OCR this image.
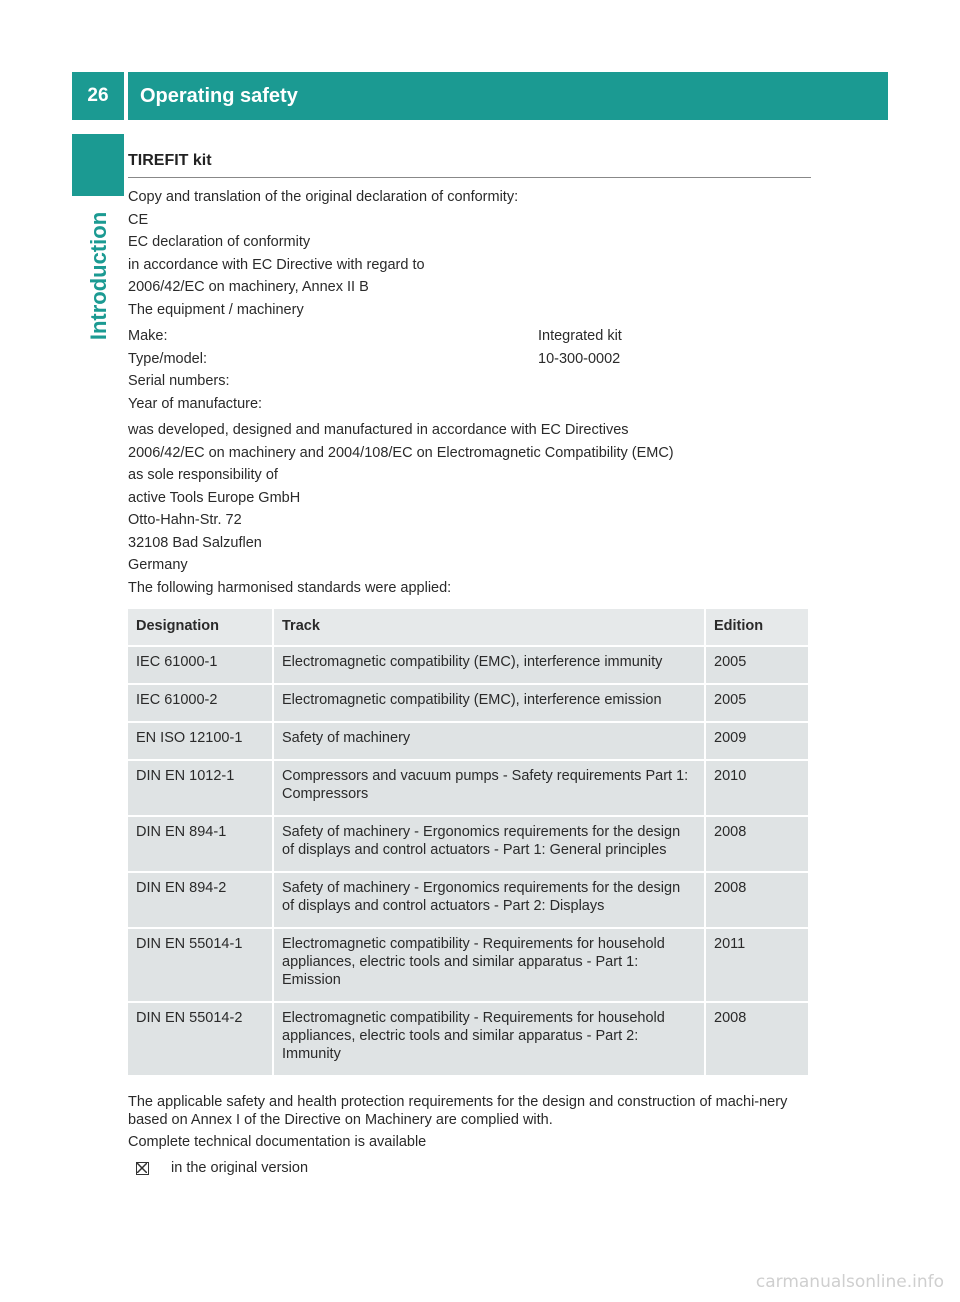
26	Operating safety
Introduction
TIREFIT kit

Copy and translation of the original declaration of conformity:

CE

EC declaration of conformity

in accordance with EC Directive with regard to

2006/42/EC on machinery, Annex II B

The equipment / machinery

Make:	Integrated kit
Type/model:	10-300-0002
Serial numbers:
Year of manufacture:

was developed, designed and manufactured in accordance with EC Directives

2006/42/EC on machinery and 2004/108/EC on Electromagnetic Compatibility (EMC)

as sole responsibility of

active Tools Europe GmbH

Otto-Hahn-Str. 72

32108 Bad Salzuflen

Germany

The following harmonised standards were applied:

Designation	Track	Edition
IEC 61000-1	Electromagnetic compatibility (EMC), interference immunity	2005
IEC 61000-2	Electromagnetic compatibility (EMC), interference emission	2005
EN ISO 12100-1	Safety of machinery	2009
DIN EN 1012-1	Compressors and vacuum pumps - Safety requirements Part 1: Compressors	2010
DIN EN 894-1	Safety of machinery - Ergonomics requirements for the design of displays and control actuators - Part 1: General principles	2008
DIN EN 894-2	Safety of machinery - Ergonomics requirements for the design of displays and control actuators - Part 2: Displays	2008
DIN EN 55014-1	Electromagnetic compatibility - Requirements for household appliances, electric tools and similar apparatus - Part 1: Emission	2011
DIN EN 55014-2	Electromagnetic compatibility - Requirements for household appliances, electric tools and similar apparatus - Part 2: Immunity	2008

The applicable safety and health protection requirements for the design and construction of machi-nery based on Annex I of the Directive on Machinery are complied with.

Complete technical documentation is available

in the original version
carmanualsonline.info
